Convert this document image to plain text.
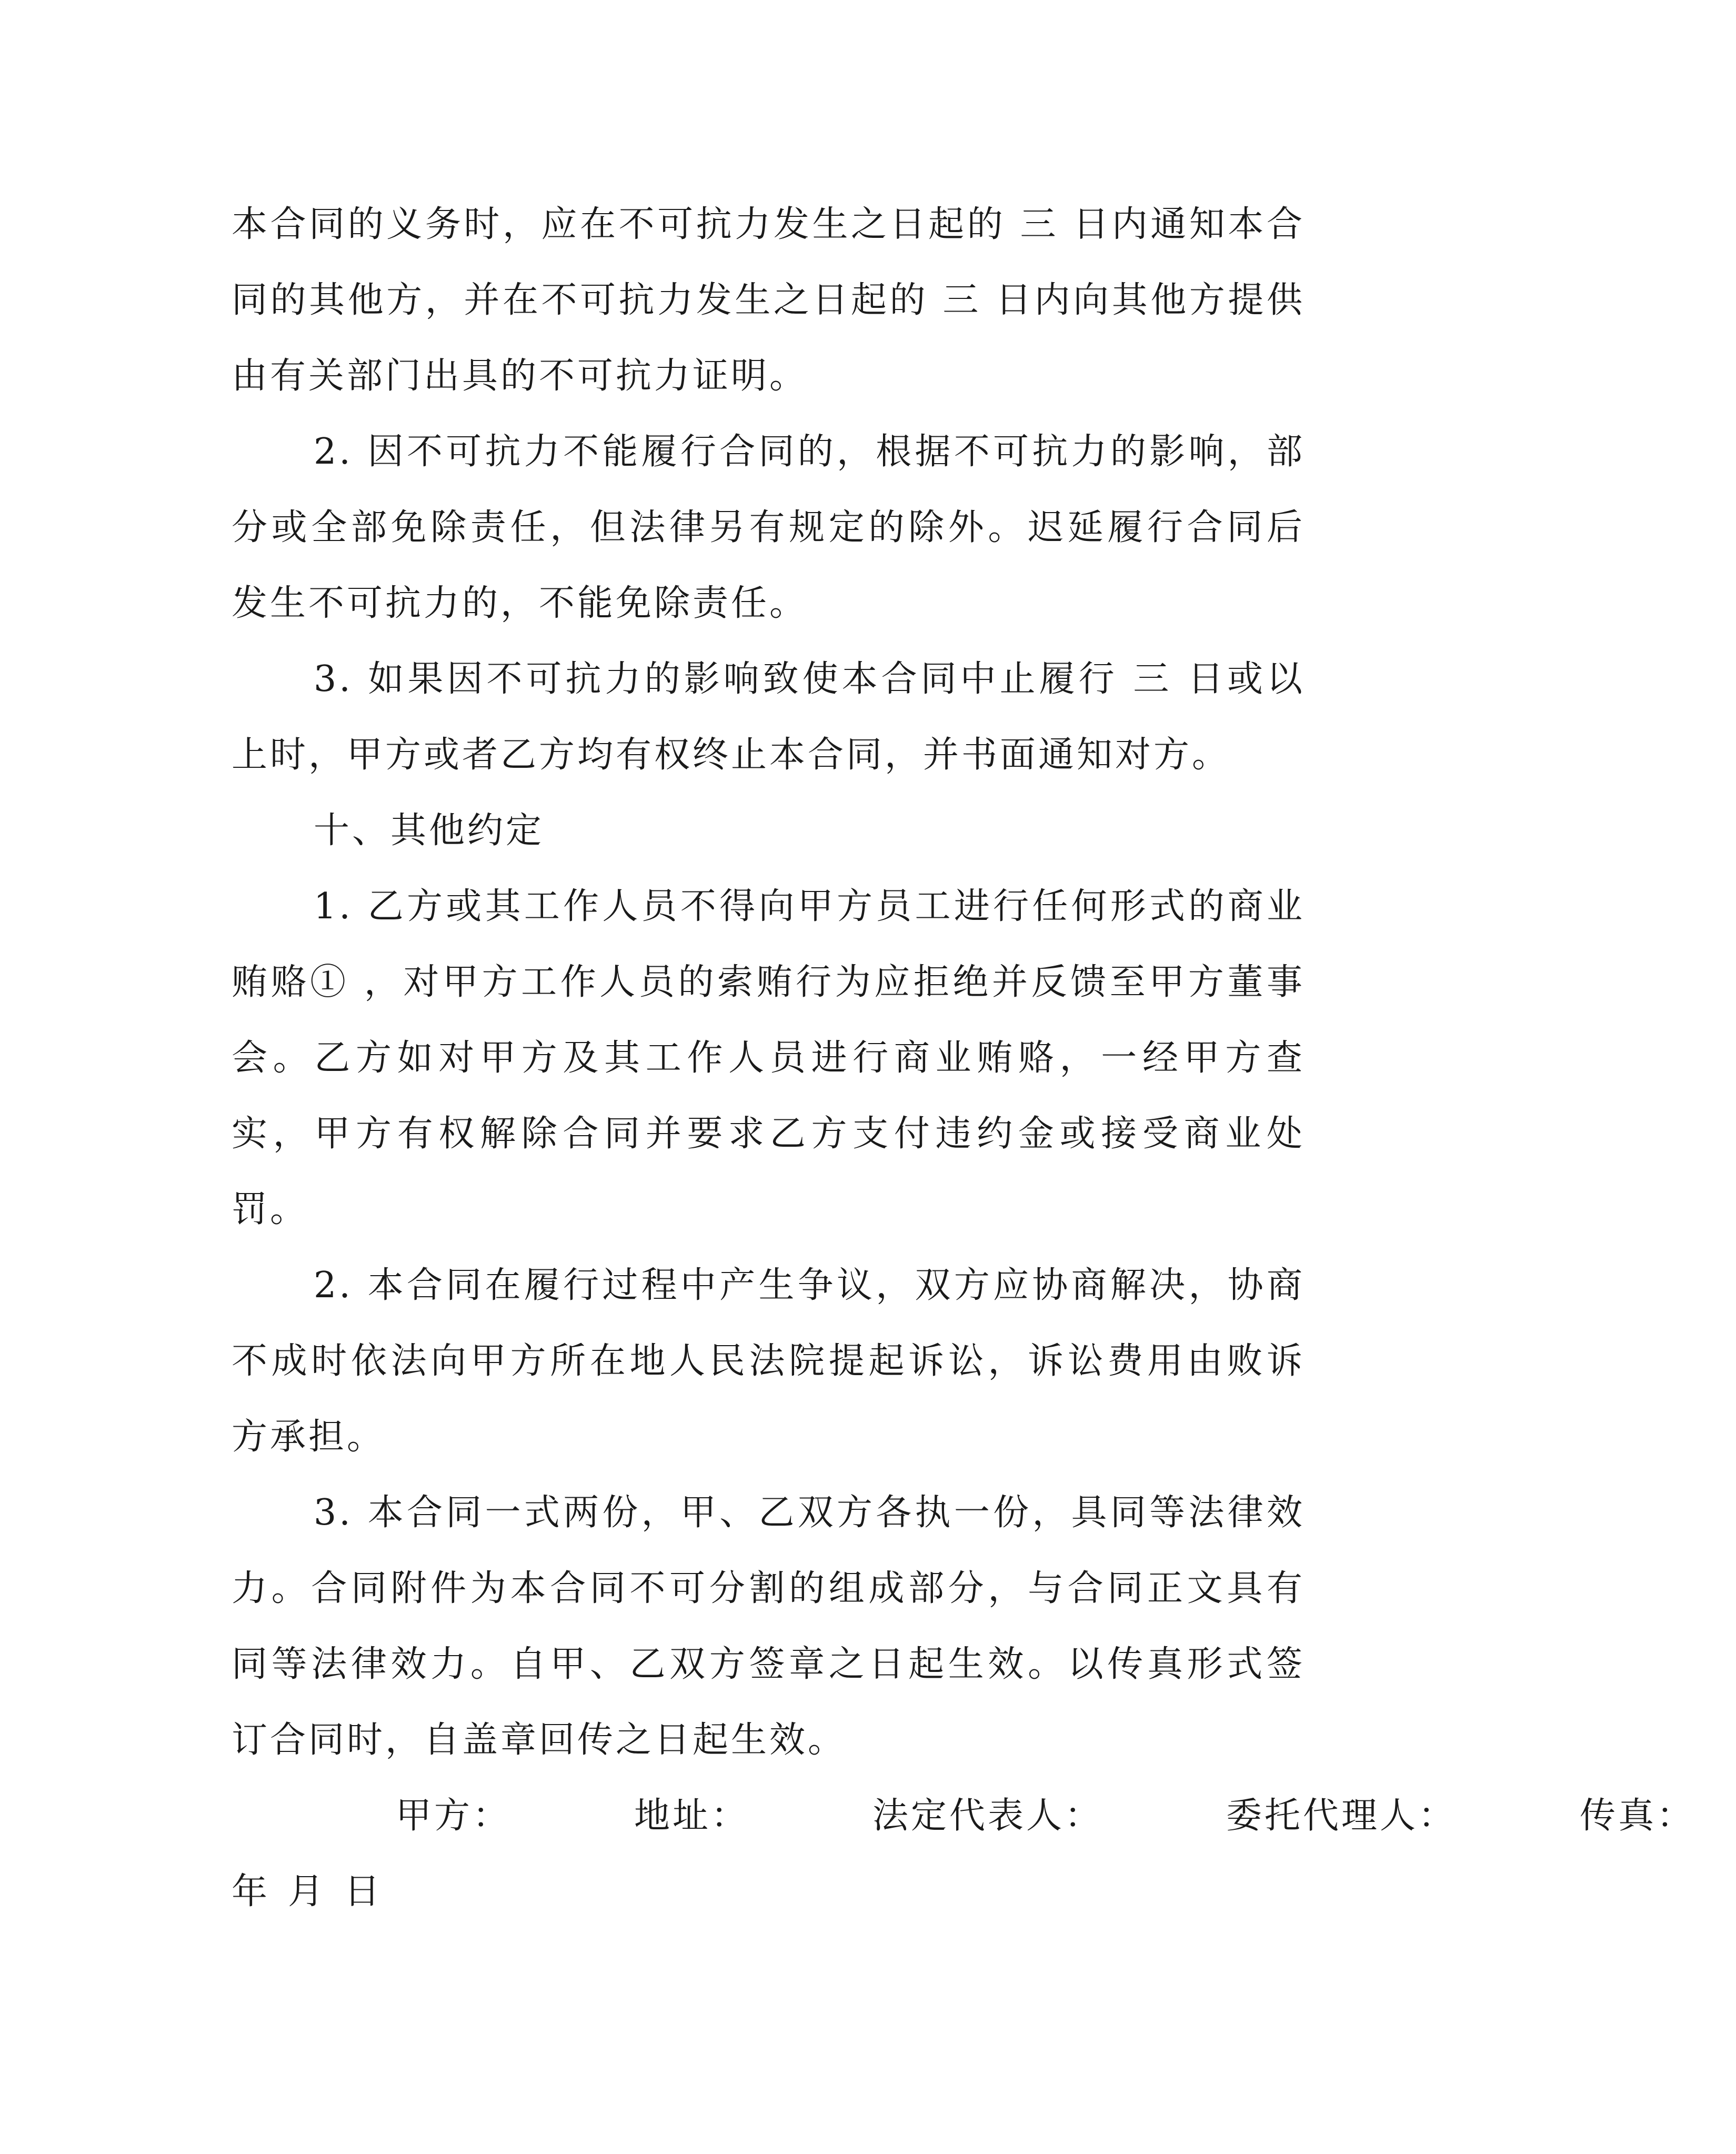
本合同的义务时，应在不可抗力发生之日起的 三 日内通知本合同的其他方，并在不可抗力发生之日起的 三 日内向其他方提供由有关部门出具的不可抗力证明。

2. 因不可抗力不能履行合同的，根据不可抗力的影响，部分或全部免除责任，但法律另有规定的除外。迟延履行合同后发生不可抗力的，不能免除责任。

3. 如果因不可抗力的影响致使本合同中止履行 三 日或以上时，甲方或者乙方均有权终止本合同，并书面通知对方。

十、其他约定

1. 乙方或其工作人员不得向甲方员工进行任何形式的商业贿赂① ，对甲方工作人员的索贿行为应拒绝并反馈至甲方董事会。乙方如对甲方及其工作人员进行商业贿赂，一经甲方查实，甲方有权解除合同并要求乙方支付违约金或接受商业处罚。

2. 本合同在履行过程中产生争议，双方应协商解决，协商不成时依法向甲方所在地人民法院提起诉讼，诉讼费用由败诉方承担。

3. 本合同一式两份，甲、乙双方各执一份，具同等法律效力。合同附件为本合同不可分割的组成部分，与合同正文具有同等法律效力。自甲、乙双方签章之日起生效。以传真形式签订合同时，自盖章回传之日起生效。

甲方：	地址：	法定代表人：	委托代理人：	传真：

年 月 日
